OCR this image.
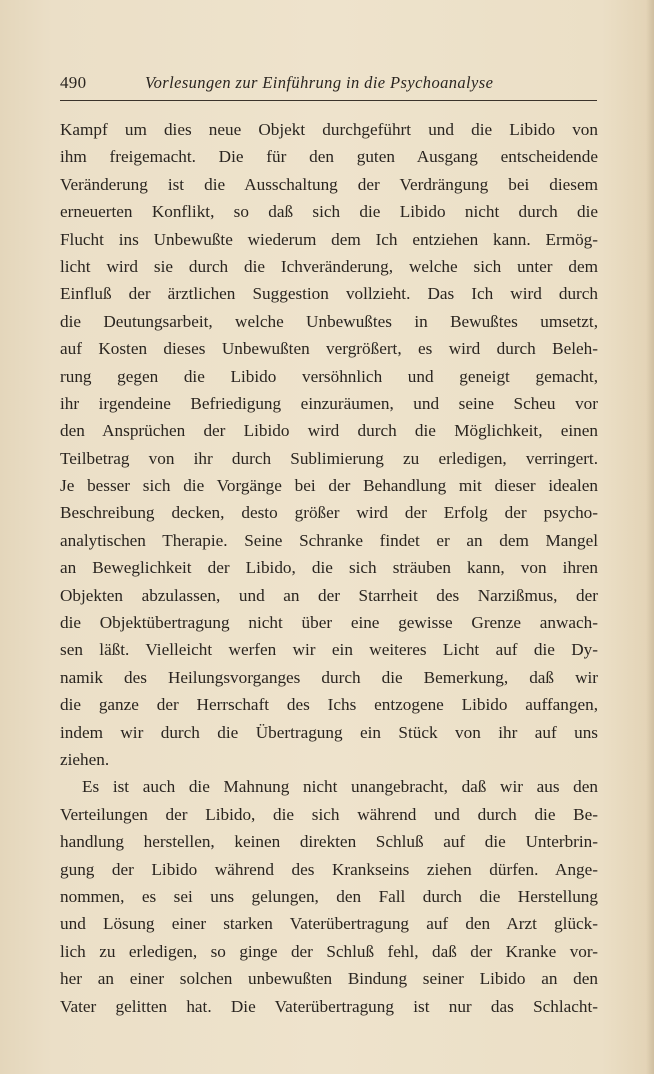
490	Vorlesungen zur Einführung in die Psychoanalyse
Kampf um dies neue Objekt durchgeführt und die Libido von
ihm freigemacht. Die für den guten Ausgang entscheidende
Veränderung ist die Ausschaltung der Verdrängung bei diesem
erneuerten Konflikt, so daß sich die Libido nicht durch die
Flucht ins Unbewußte wiederum dem Ich entziehen kann. Ermög-
licht wird sie durch die Ichveränderung, welche sich unter dem
Einfluß der ärztlichen Suggestion vollzieht. Das Ich wird durch
die Deutungsarbeit, welche Unbewußtes in Bewußtes umsetzt,
auf Kosten dieses Unbewußten vergrößert, es wird durch Beleh-
rung gegen die Libido versöhnlich und geneigt gemacht,
ihr irgendeine Befriedigung einzuräumen, und seine Scheu vor
den Ansprüchen der Libido wird durch die Möglichkeit, einen
Teilbetrag von ihr durch Sublimierung zu erledigen, verringert.
Je besser sich die Vorgänge bei der Behandlung mit dieser idealen
Beschreibung decken, desto größer wird der Erfolg der psycho-
analytischen Therapie. Seine Schranke findet er an dem Mangel
an Beweglichkeit der Libido, die sich sträuben kann, von ihren
Objekten abzulassen, und an der Starrheit des Narzißmus, der
die Objektübertragung nicht über eine gewisse Grenze anwach-
sen läßt. Vielleicht werfen wir ein weiteres Licht auf die Dy-
namik des Heilungsvorganges durch die Bemerkung, daß wir
die ganze der Herrschaft des Ichs entzogene Libido auffangen,
indem wir durch die Übertragung ein Stück von ihr auf uns
ziehen.
Es ist auch die Mahnung nicht unangebracht, daß wir aus den
Verteilungen der Libido, die sich während und durch die Be-
handlung herstellen, keinen direkten Schluß auf die Unterbrin-
gung der Libido während des Krankseins ziehen dürfen. Ange-
nommen, es sei uns gelungen, den Fall durch die Herstellung
und Lösung einer starken Vaterübertragung auf den Arzt glück-
lich zu erledigen, so ginge der Schluß fehl, daß der Kranke vor-
her an einer solchen unbewußten Bindung seiner Libido an den
Vater gelitten hat. Die Vaterübertragung ist nur das Schlacht-
